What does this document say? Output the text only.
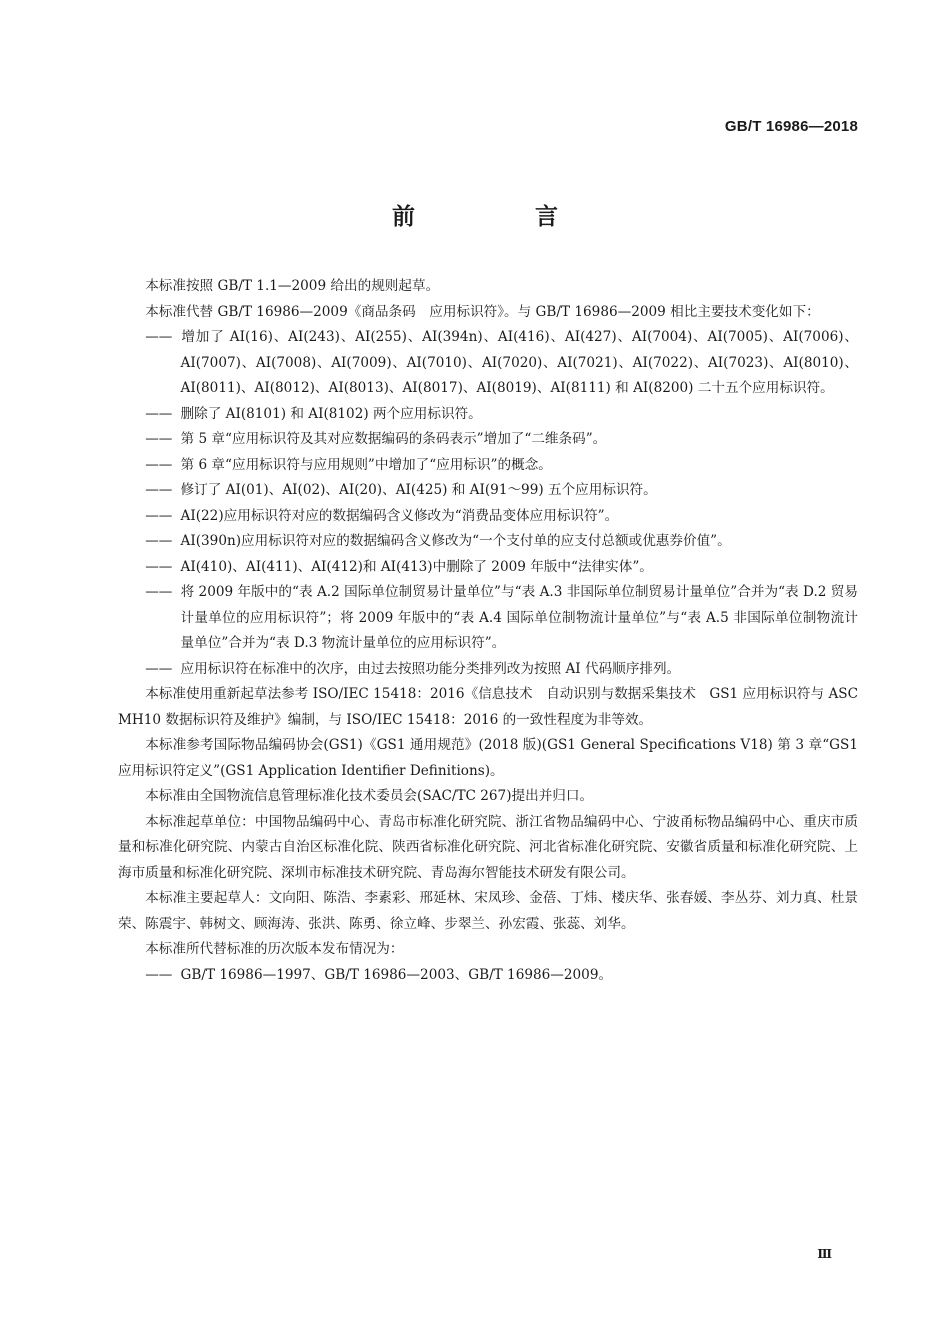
GB/T 16986—2018
前 言

本标准按照 GB/T 1.1—2009 给出的规则起草。

本标准代替 GB/T 16986—2009《商品条码　应用标识符》。与 GB/T 16986—2009 相比主要技术变化如下：

—— 增加了 AI(16)、AI(243)、AI(255)、AI(394n)、AI(416)、AI(427)、AI(7004)、AI(7005)、AI(7006)、AI(7007)、AI(7008)、AI(7009)、AI(7010)、AI(7020)、AI(7021)、AI(7022)、AI(7023)、AI(8010)、AI(8011)、AI(8012)、AI(8013)、AI(8017)、AI(8019)、AI(8111) 和 AI(8200) 二十五个应用标识符。

—— 删除了 AI(8101) 和 AI(8102) 两个应用标识符。

—— 第 5 章“应用标识符及其对应数据编码的条码表示”增加了“二维条码”。

—— 第 6 章“应用标识符与应用规则”中增加了“应用标识”的概念。

—— 修订了 AI(01)、AI(02)、AI(20)、AI(425) 和 AI(91～99) 五个应用标识符。

—— AI(22)应用标识符对应的数据编码含义修改为“消费品变体应用标识符”。

—— AI(390n)应用标识符对应的数据编码含义修改为“一个支付单的应支付总额或优惠券价值”。

—— AI(410)、AI(411)、AI(412)和 AI(413)中删除了 2009 年版中“法律实体”。

—— 将 2009 年版中的“表 A.2 国际单位制贸易计量单位”与“表 A.3 非国际单位制贸易计量单位”合并为“表 D.2 贸易计量单位的应用标识符”；将 2009 年版中的“表 A.4 国际单位制物流计量单位”与“表 A.5 非国际单位制物流计量单位”合并为“表 D.3 物流计量单位的应用标识符”。

—— 应用标识符在标准中的次序，由过去按照功能分类排列改为按照 AI 代码顺序排列。

本标准使用重新起草法参考 ISO/IEC 15418：2016《信息技术　自动识别与数据采集技术　GS1 应用标识符与 ASC MH10 数据标识符及维护》编制，与 ISO/IEC 15418：2016 的一致性程度为非等效。

本标准参考国际物品编码协会(GS1)《GS1 通用规范》(2018 版)(GS1 General Specifications V18) 第 3 章“GS1 应用标识符定义”(GS1 Application Identifier Definitions)。

本标准由全国物流信息管理标准化技术委员会(SAC/TC 267)提出并归口。

本标准起草单位：中国物品编码中心、青岛市标准化研究院、浙江省物品编码中心、宁波甬标物品编码中心、重庆市质量和标准化研究院、内蒙古自治区标准化院、陕西省标准化研究院、河北省标准化研究院、安徽省质量和标准化研究院、上海市质量和标准化研究院、深圳市标准技术研究院、青岛海尔智能技术研发有限公司。

本标准主要起草人：文向阳、陈浩、李素彩、邢延林、宋凤珍、金蓓、丁炜、楼庆华、张春媛、李丛芬、刘力真、杜景荣、陈震宇、韩树文、顾海涛、张洪、陈勇、徐立峰、步翠兰、孙宏霞、张蕊、刘华。

本标准所代替标准的历次版本发布情况为：

—— GB/T 16986—1997、GB/T 16986—2003、GB/T 16986—2009。

Ⅲ
